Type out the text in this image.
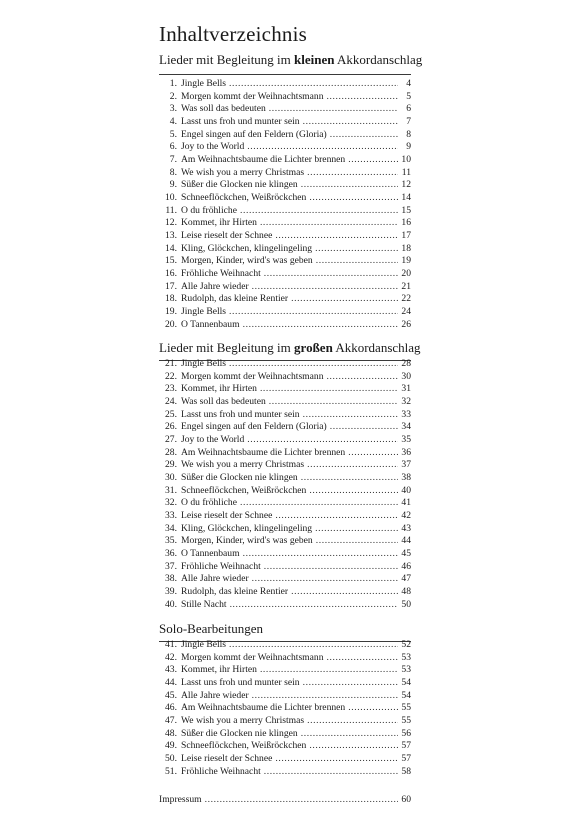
Inhaltverzeichnis
Lieder mit Begleitung im kleinen Akkordanschlag
1. Jingle Bells .....	4
2. Morgen kommt der Weihnachtsmann .....	5
3. Was soll das bedeuten .....	6
4. Lasst uns froh und munter sein .....	7
5. Engel singen auf den Feldern (Gloria) .....	8
6. Joy to the World .....	9
7. Am Weihnachtsbaume die Lichter brennen .....	10
8. We wish you a merry Christmas .....	11
9. Süßer die Glocken nie klingen .....	12
10. Schneeflöckchen, Weißröckchen .....	14
11. O du fröhliche .....	15
12. Kommet, ihr Hirten .....	16
13. Leise rieselt der Schnee .....	17
14. Kling, Glöckchen, klingelingeling .....	18
15. Morgen, Kinder, wird's was geben .....	19
16. Fröhliche Weihnacht .....	20
17. Alle Jahre wieder .....	21
18. Rudolph, das kleine Rentier .....	22
19. Jingle Bells .....	24
20. O Tannenbaum .....	26
Lieder mit Begleitung im großen Akkordanschlag
21. Jingle Bells .....	28
22. Morgen kommt der Weihnachtsmann .....	30
23. Kommet, ihr Hirten .....	31
24. Was soll das bedeuten .....	32
25. Lasst uns froh und munter sein .....	33
26. Engel singen auf den Feldern (Gloria) .....	34
27. Joy to the World .....	35
28. Am Weihnachtsbaume die Lichter brennen .....	36
29. We wish you a merry Christmas .....	37
30. Süßer die Glocken nie klingen .....	38
31. Schneeflöckchen, Weißröckchen .....	40
32. O du fröhliche .....	41
33. Leise rieselt der Schnee .....	42
34. Kling, Glöckchen, klingelingeling .....	43
35. Morgen, Kinder, wird's was geben .....	44
36. O Tannenbaum .....	45
37. Fröhliche Weihnacht .....	46
38. Alle Jahre wieder .....	47
39. Rudolph, das kleine Rentier .....	48
40. Stille Nacht .....	50
Solo-Bearbeitungen
41. Jingle Bells .....	52
42. Morgen kommt der Weihnachtsmann .....	53
43. Kommet, ihr Hirten .....	53
44. Lasst uns froh und munter sein .....	54
45. Alle Jahre wieder .....	54
46. Am Weihnachtsbaume die Lichter brennen .....	55
47. We wish you a merry Christmas .....	55
48. Süßer die Glocken nie klingen .....	56
49. Schneeflöckchen, Weißröckchen .....	57
50. Leise rieselt der Schnee .....	57
51. Fröhliche Weihnacht .....	58
Impressum .....	60
